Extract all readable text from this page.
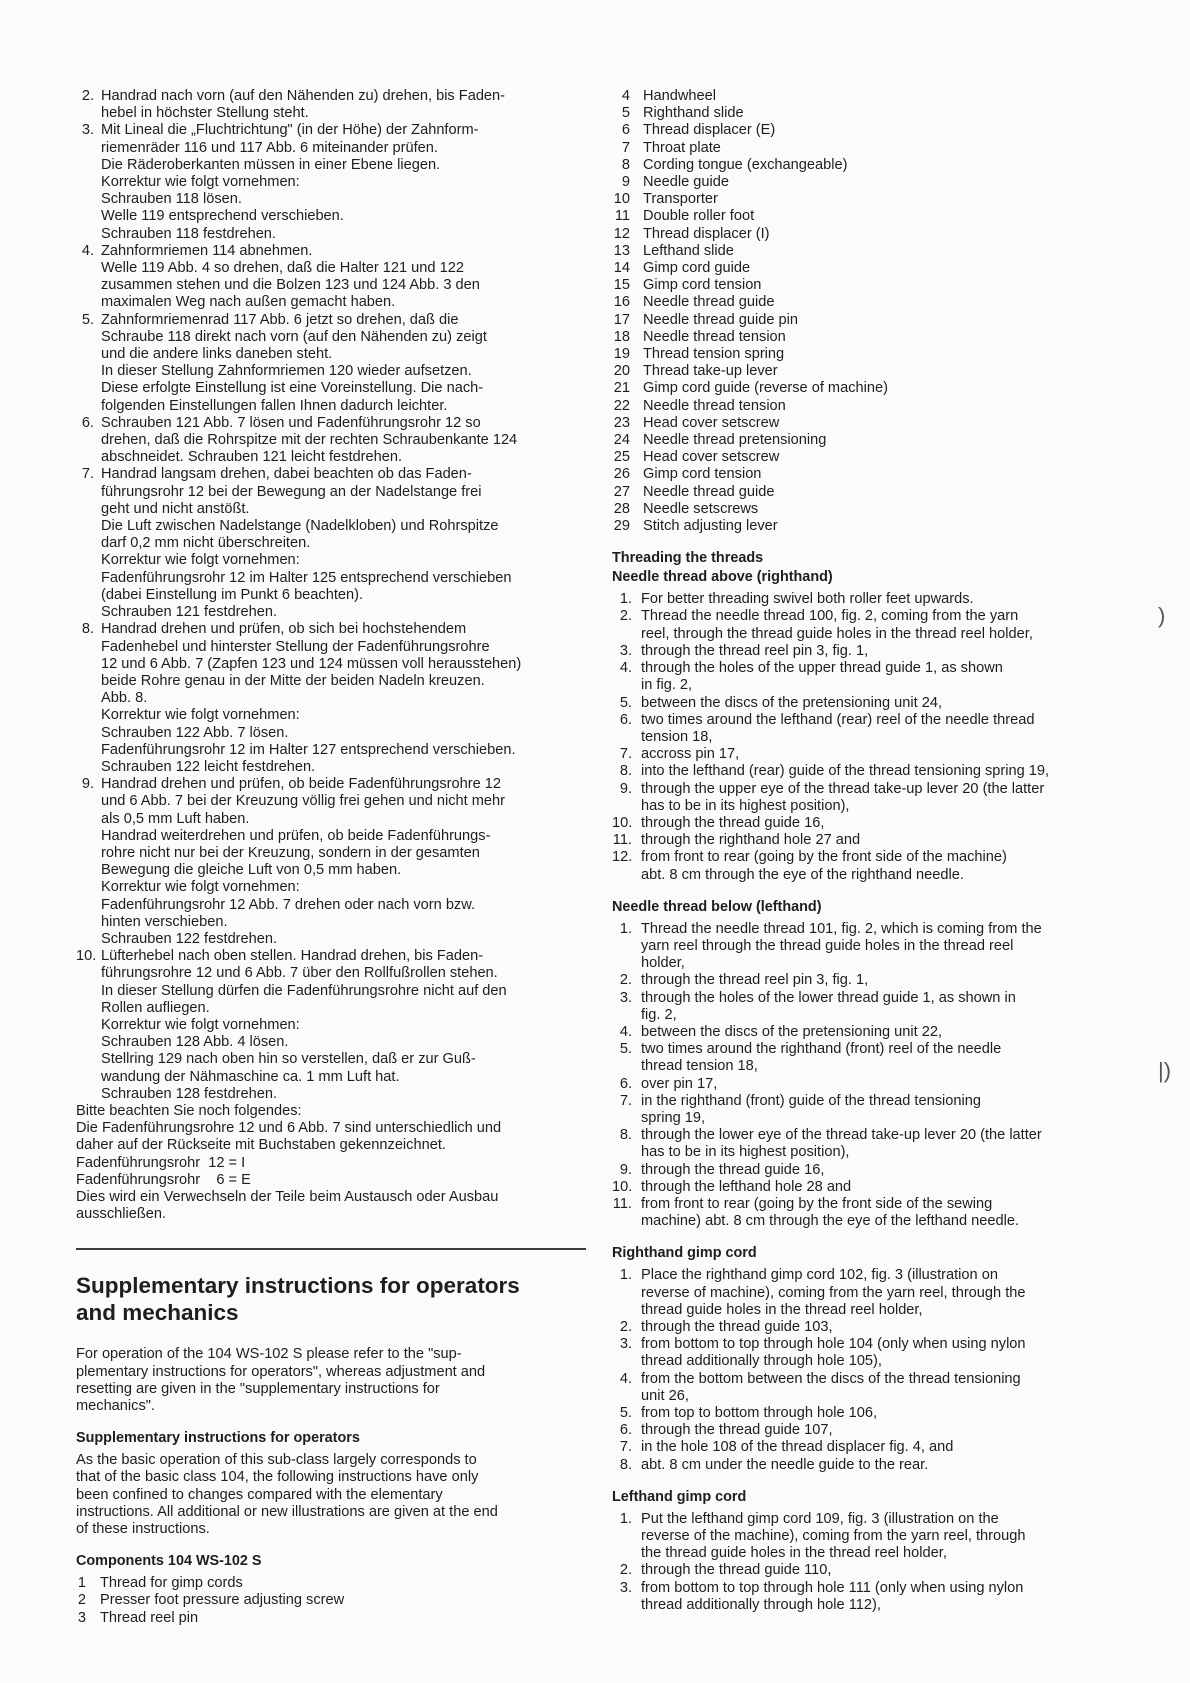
2. Handrad nach vorn (auf den Nähenden zu) drehen, bis Faden-
hebel in höchster Stellung steht.
3. Mit Lineal die „Fluchtrichtung" (in der Höhe) der Zahnform-
riemenräder 116 und 117 Abb. 6 miteinander prüfen.
Die Räderoberkanten müssen in einer Ebene liegen.
Korrektur wie folgt vornehmen:
Schrauben 118 lösen.
Welle 119 entsprechend verschieben.
Schrauben 118 festdrehen.
4. Zahnformriemen 114 abnehmen.
Welle 119 Abb. 4 so drehen, daß die Halter 121 und 122
zusammen stehen und die Bolzen 123 und 124 Abb. 3 den
maximalen Weg nach außen gemacht haben.
5. Zahnformriemenrad 117 Abb. 6 jetzt so drehen, daß die
Schraube 118 direkt nach vorn (auf den Nähenden zu) zeigt
und die andere links daneben steht.
In dieser Stellung Zahnformriemen 120 wieder aufsetzen.
Diese erfolgte Einstellung ist eine Voreinstellung. Die nach-
folgenden Einstellungen fallen Ihnen dadurch leichter.
6. Schrauben 121 Abb. 7 lösen und Fadenführungsrohr 12 so
drehen, daß die Rohrspitze mit der rechten Schraubenkante 124
abschneidet. Schrauben 121 leicht festdrehen.
7. Handrad langsam drehen, dabei beachten ob das Faden-
führungsrohr 12 bei der Bewegung an der Nadelstange frei
geht und nicht anstößt.
Die Luft zwischen Nadelstange (Nadelkloben) und Rohrspitze
darf 0,2 mm nicht überschreiten.
Korrektur wie folgt vornehmen:
Fadenführungsrohr 12 im Halter 125 entsprechend verschieben
(dabei Einstellung im Punkt 6 beachten).
Schrauben 121 festdrehen.
8. Handrad drehen und prüfen, ob sich bei hochstehendem
Fadenhebel und hinterster Stellung der Fadenführungsrohre
12 und 6 Abb. 7 (Zapfen 123 und 124 müssen voll herausstehen)
beide Rohre genau in der Mitte der beiden Nadeln kreuzen.
Abb. 8.
Korrektur wie folgt vornehmen:
Schrauben 122 Abb. 7 lösen.
Fadenführungsrohr 12 im Halter 127 entsprechend verschieben.
Schrauben 122 leicht festdrehen.
9. Handrad drehen und prüfen, ob beide Fadenführungsrohre 12
und 6 Abb. 7 bei der Kreuzung völlig frei gehen und nicht mehr
als 0,5 mm Luft haben.
Handrad weiterdrehen und prüfen, ob beide Fadenführungs-
rohre nicht nur bei der Kreuzung, sondern in der gesamten
Bewegung die gleiche Luft von 0,5 mm haben.
Korrektur wie folgt vornehmen:
Fadenführungsrohr 12 Abb. 7 drehen oder nach vorn bzw.
hinten verschieben.
Schrauben 122 festdrehen.
10. Lüfterhebel nach oben stellen. Handrad drehen, bis Faden-
führungsrohre 12 und 6 Abb. 7 über den Rollfußrollen stehen.
In dieser Stellung dürfen die Fadenführungsrohre nicht auf den
Rollen aufliegen.
Korrektur wie folgt vornehmen:
Schrauben 128 Abb. 4 lösen.
Stellring 129 nach oben hin so verstellen, daß er zur Guß-
wandung der Nähmaschine ca. 1 mm Luft hat.
Schrauben 128 festdrehen.
Bitte beachten Sie noch folgendes:
Die Fadenführungsrohre 12 und 6 Abb. 7 sind unterschiedlich und
daher auf der Rückseite mit Buchstaben gekennzeichnet.
Fadenführungsrohr  12 = I
Fadenführungsrohr    6 = E
Dies wird ein Verwechseln der Teile beim Austausch oder Ausbau
ausschließen.
Supplementary instructions for operators
and mechanics

For operation of the 104 WS-102 S please refer to the "sup-
plementary instructions for operators", whereas adjustment and
resetting are given in the "supplementary instructions for
mechanics".

Supplementary instructions for operators

As the basic operation of this sub-class largely corresponds to
that of the basic class 104, the following instructions have only
been confined to changes compared with the elementary
instructions. All additional or new illustrations are given at the end
of these instructions.

Components 104 WS-102 S
1 Thread for gimp cords
2 Presser foot pressure adjusting screw
3 Thread reel pin
4 Handwheel
5 Righthand slide
6 Thread displacer (E)
7 Throat plate
8 Cording tongue (exchangeable)
9 Needle guide
10 Transporter
11 Double roller foot
12 Thread displacer (I)
13 Lefthand slide
14 Gimp cord guide
15 Gimp cord tension
16 Needle thread guide
17 Needle thread guide pin
18 Needle thread tension
19 Thread tension spring
20 Thread take-up lever
21 Gimp cord guide (reverse of machine)
22 Needle thread tension
23 Head cover setscrew
24 Needle thread pretensioning
25 Head cover setscrew
26 Gimp cord tension
27 Needle thread guide
28 Needle setscrews
29 Stitch adjusting lever
Threading the threads
Needle thread above (righthand)
1. For better threading swivel both roller feet upwards.
2. Thread the needle thread 100, fig. 2, coming from the yarn
reel, through the thread guide holes in the thread reel holder,
3. through the thread reel pin 3, fig. 1,
4. through the holes of the upper thread guide 1, as shown
in fig. 2,
5. between the discs of the pretensioning unit 24,
6. two times around the lefthand (rear) reel of the needle thread
tension 18,
7. accross pin 17,
8. into the lefthand (rear) guide of the thread tensioning spring 19,
9. through the upper eye of the thread take-up lever 20 (the latter
has to be in its highest position),
10. through the thread guide 16,
11. through the righthand hole 27 and
12. from front to rear (going by the front side of the machine)
abt. 8 cm through the eye of the righthand needle.
Needle thread below (lefthand)
1. Thread the needle thread 101, fig. 2, which is coming from the
yarn reel through the thread guide holes in the thread reel
holder,
2. through the thread reel pin 3, fig. 1,
3. through the holes of the lower thread guide 1, as shown in
fig. 2,
4. between the discs of the pretensioning unit 22,
5. two times around the righthand (front) reel of the needle
thread tension 18,
6. over pin 17,
7. in the righthand (front) guide of the thread tensioning
spring 19,
8. through the lower eye of the thread take-up lever 20 (the latter
has to be in its highest position),
9. through the thread guide 16,
10. through the lefthand hole 28 and
11. from front to rear (going by the front side of the sewing
machine) abt. 8 cm through the eye of the lefthand needle.
Righthand gimp cord
1. Place the righthand gimp cord 102, fig. 3 (illustration on
reverse of machine), coming from the yarn reel, through the
thread guide holes in the thread reel holder,
2. through the thread guide 103,
3. from bottom to top through hole 104 (only when using nylon
thread additionally through hole 105),
4. from the bottom between the discs of the thread tensioning
unit 26,
5. from top to bottom through hole 106,
6. through the thread guide 107,
7. in the hole 108 of the thread displacer fig. 4, and
8. abt. 8 cm under the needle guide to the rear.
Lefthand gimp cord
1. Put the lefthand gimp cord 109, fig. 3 (illustration on the
reverse of the machine), coming from the yarn reel, through
the thread guide holes in the thread reel holder,
2. through the thread guide 110,
3. from bottom to top through hole 111 (only when using nylon
thread additionally through hole 112),
)
|)
